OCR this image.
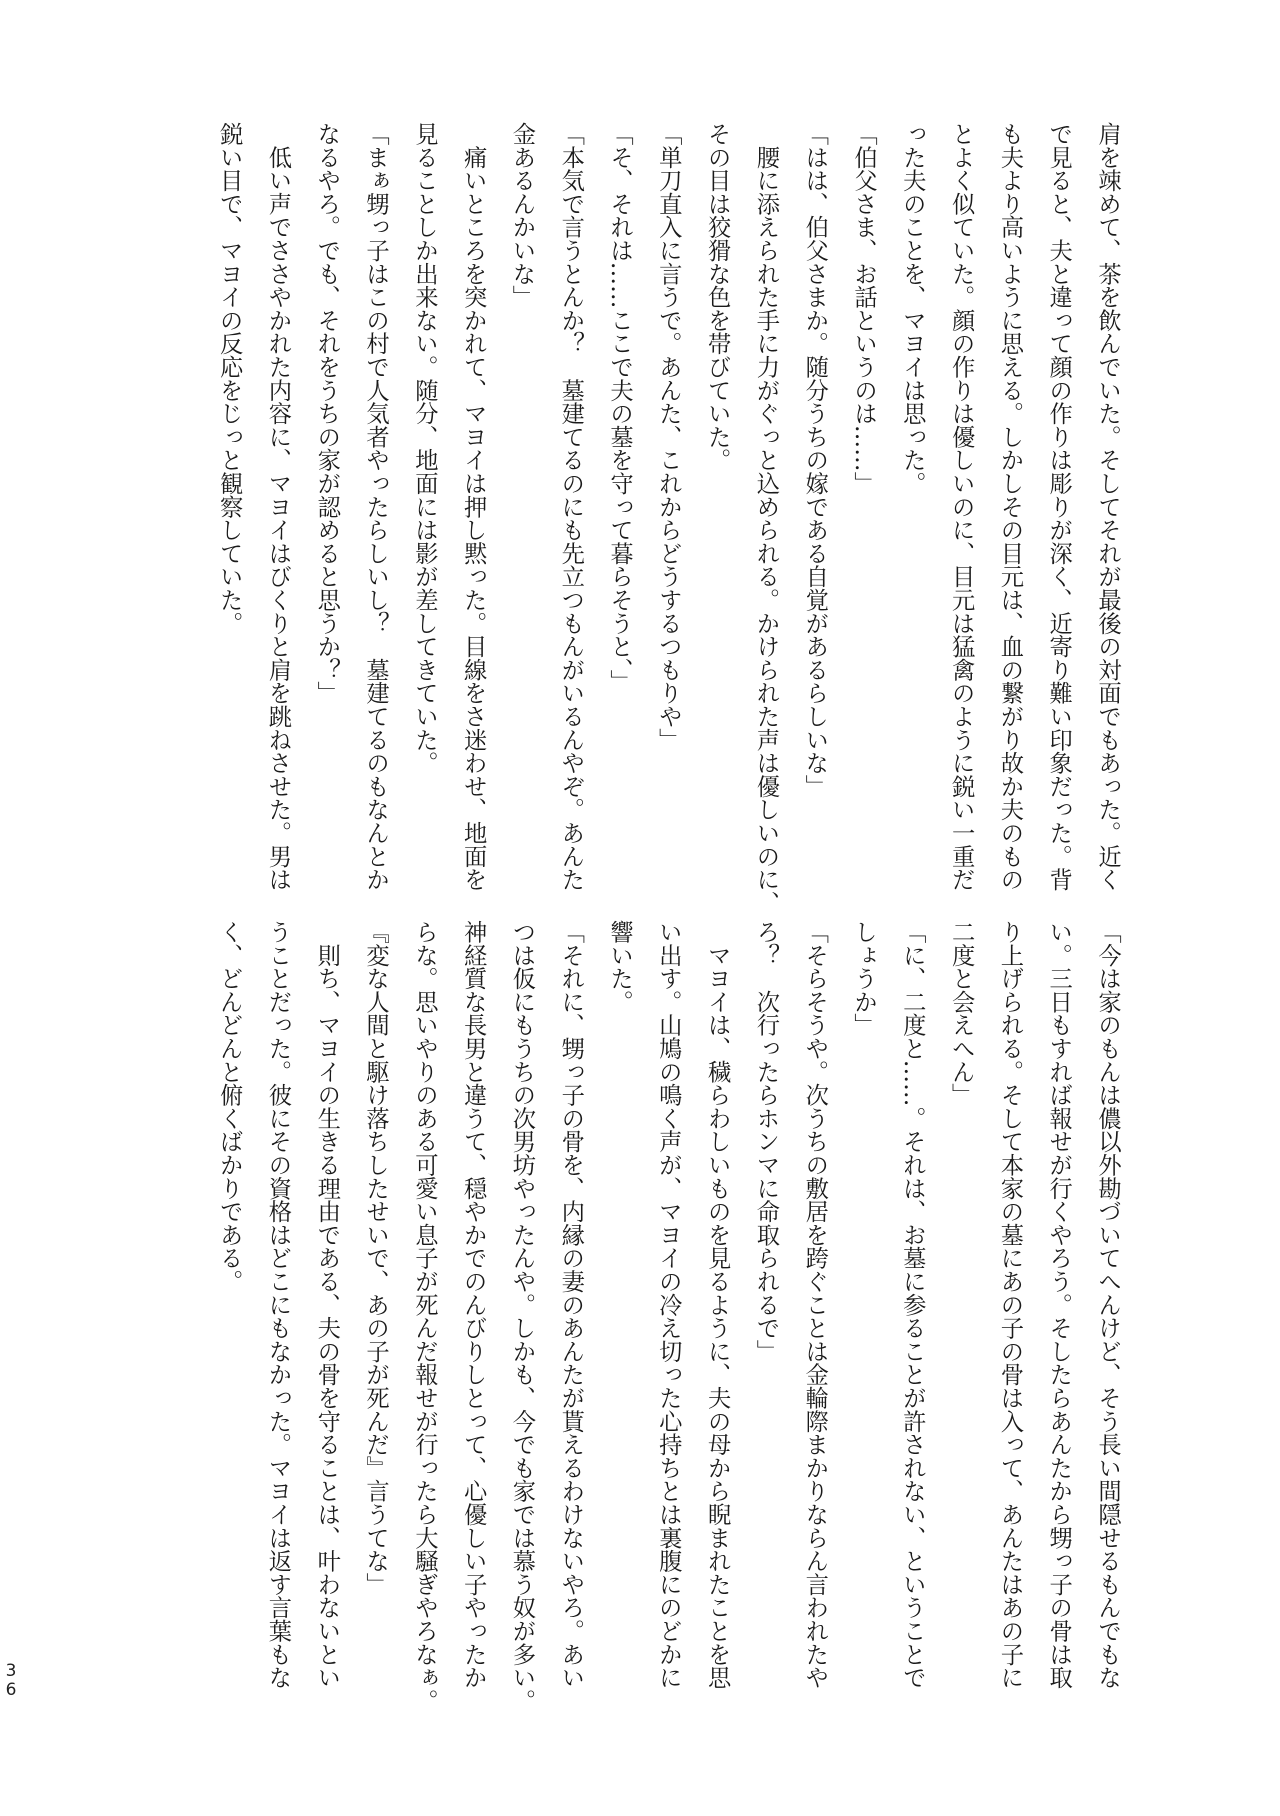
肩を竦めて、茶を飲んでいた。そしてそれが最後の対面でもあった。近く
で見ると、夫と違って顔の作りは彫りが深く、近寄り難い印象だった。背
も夫より高いように思える。しかしその目元は、血の繋がり故か夫のもの
とよく似ていた。顔の作りは優しいのに、目元は猛禽のように鋭い一重だ
った夫のことを、マヨイは思った。
「伯父さま、お話というのは……」
「はは、伯父さまか。随分うちの嫁である自覚があるらしいな」
　腰に添えられた手に力がぐっと込められる。かけられた声は優しいのに、
その目は狡猾な色を帯びていた。
「単刀直入に言うで。あんた、これからどうするつもりや」
「そ、それは……ここで夫の墓を守って暮らそうと、」
「本気で言うとんか？　墓建てるのにも先立つもんがいるんやぞ。あんた
金あるんかいな」
　痛いところを突かれて、マヨイは押し黙った。目線をさ迷わせ、地面を
見ることしか出来ない。随分、地面には影が差してきていた。
「まぁ甥っ子はこの村で人気者やったらしいし？　墓建てるのもなんとか
なるやろ。でも、それをうちの家が認めると思うか？」
　低い声でささやかれた内容に、マヨイはびくりと肩を跳ねさせた。男は
鋭い目で、マヨイの反応をじっと観察していた。
「今は家のもんは儂以外勘づいてへんけど、そう長い間隠せるもんでもな
い。三日もすれば報せが行くやろう。そしたらあんたから甥っ子の骨は取
り上げられる。そして本家の墓にあの子の骨は入って、あんたはあの子に
二度と会えへん」
「に、二度と……。それは、お墓に参ることが許されない、ということで
しょうか」
「そらそうや。次うちの敷居を跨ぐことは金輪際まかりならん言われたや
ろ？　次行ったらホンマに命取られるで」
　マヨイは、穢らわしいものを見るように、夫の母から睨まれたことを思
い出す。山鳩の鳴く声が、マヨイの冷え切った心持ちとは裏腹にのどかに
響いた。
「それに、甥っ子の骨を、内縁の妻のあんたが貰えるわけないやろ。あい
つは仮にもうちの次男坊やったんや。しかも、今でも家では慕う奴が多い。
神経質な長男と違うて、穏やかでのんびりしとって、心優しい子やったか
らな。思いやりのある可愛い息子が死んだ報せが行ったら大騒ぎやろなぁ。
『変な人間と駆け落ちしたせいで、あの子が死んだ』言うてな」
　則ち、マヨイの生きる理由である、夫の骨を守ることは、叶わないとい
うことだった。彼にその資格はどこにもなかった。マヨイは返す言葉もな
く、どんどんと俯くばかりである。
3
6
